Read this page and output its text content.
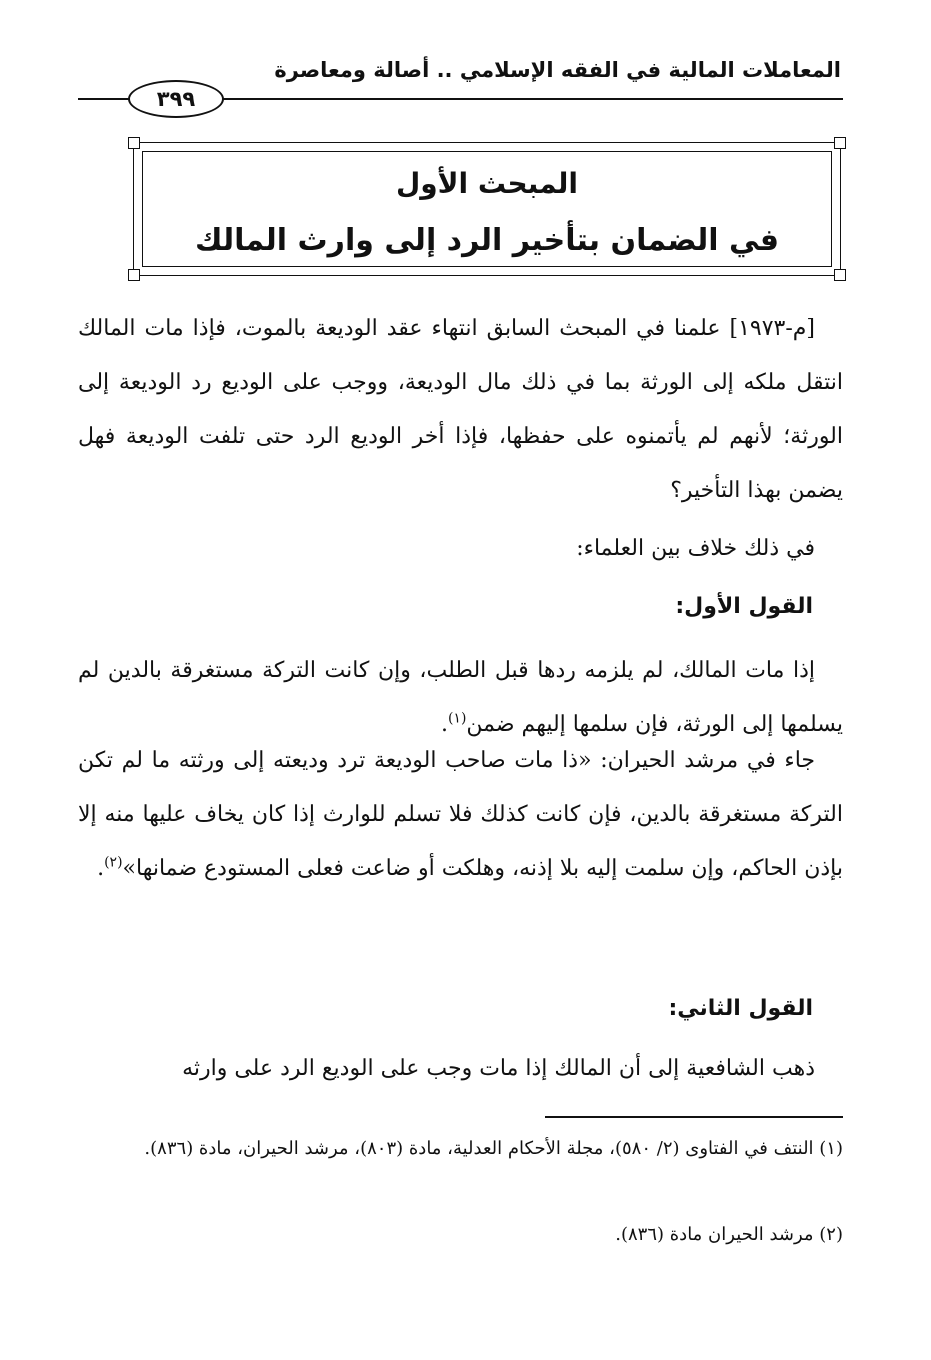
المعاملات المالية في الفقه الإسلامي .. أصالة ومعاصرة
٣٩٩
المبحث الأول
في الضمان بتأخير الرد إلى وارث المالك

[م-١٩٧٣] علمنا في المبحث السابق انتهاء عقد الوديعة بالموت، فإذا مات المالك انتقل ملكه إلى الورثة بما في ذلك مال الوديعة، ووجب على الوديع رد الوديعة إلى الورثة؛ لأنهم لم يأتمنوه على حفظها، فإذا أخر الوديع الرد حتى تلفت الوديعة فهل يضمن بهذا التأخير؟

في ذلك خلاف بين العلماء:

القول الأول:

إذا مات المالك، لم يلزمه ردها قبل الطلب، وإن كانت التركة مستغرقة بالدين لم يسلمها إلى الورثة، فإن سلمها إليهم ضمن$^{(١)}$.

جاء في مرشد الحيران: «ذا مات صاحب الوديعة ترد وديعته إلى ورثته ما لم تكن التركة مستغرقة بالدين، فإن كانت كذلك فلا تسلم للوارث إذا كان يخاف عليها منه إلا بإذن الحاكم، وإن سلمت إليه بلا إذنه، وهلكت أو ضاعت فعلى المستودع ضمانها»$^{(٢)}$.

القول الثاني:

ذهب الشافعية إلى أن المالك إذا مات وجب على الوديع الرد على وارثه

(١) النتف في الفتاوى (٢/ ٥٨٠)، مجلة الأحكام العدلية، مادة (٨٠٣)، مرشد الحيران، مادة (٨٣٦).

(٢) مرشد الحيران مادة (٨٣٦).
